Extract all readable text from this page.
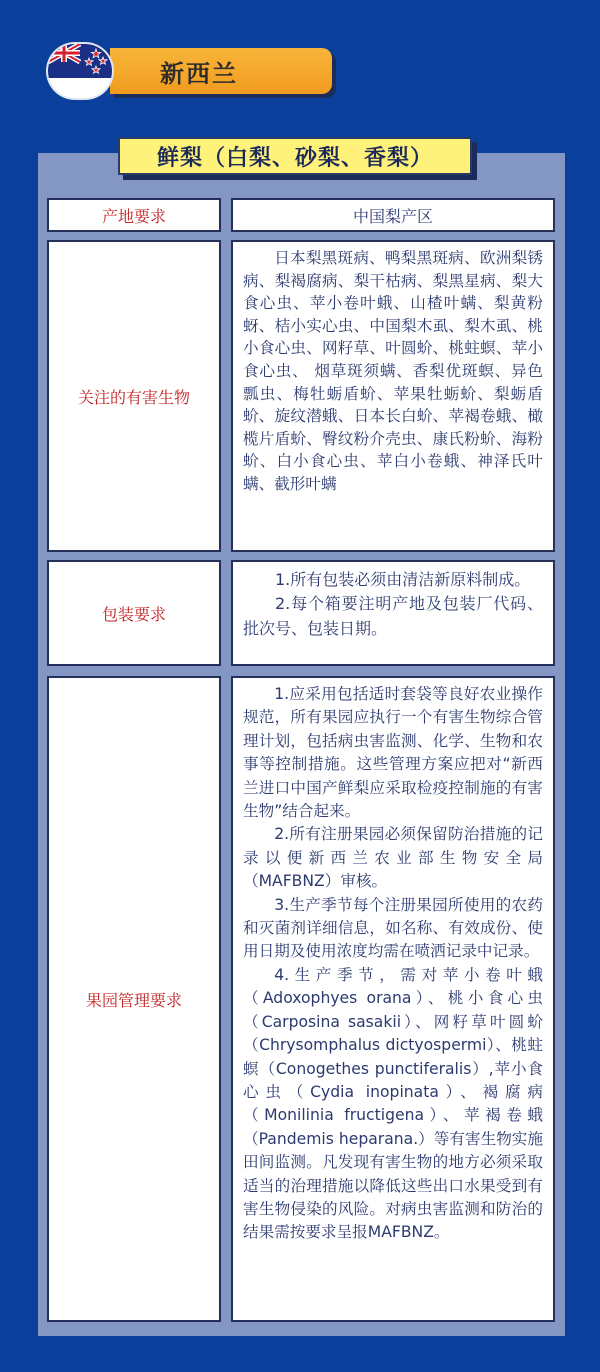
新西兰
鲜梨（白梨、砂梨、香梨）
产地要求	中国梨产区
关注的有害生物

日本梨黑斑病、鸭梨黑斑病、欧洲梨锈病、梨褐腐病、梨干枯病、梨黑星病、梨大食心虫、苹小卷叶蛾、山楂叶螨、梨黄粉蚜、桔小实心虫、中国梨木虱、梨木虱、桃小食心虫、网籽草、叶圆蚧、桃蛀螟、苹小食心虫、 烟草斑须螨、香梨优斑螟、异色瓢虫、梅牡蛎盾蚧、苹果牡蛎蚧、梨蛎盾蚧、旋纹潜蛾、日本长白蚧、苹褐卷蛾、橄榄片盾蚧、臀纹粉介壳虫、康氏粉蚧、海粉蚧、白小食心虫、苹白小卷蛾、神泽氏叶螨、截形叶螨

包装要求

1.所有包装必须由清洁新原料制成。

2.每个箱要注明产地及包装厂代码、批次号、包装日期。

果园管理要求

1.应采用包括适时套袋等良好农业操作规范，所有果园应执行一个有害生物综合管理计划，包括病虫害监测、化学、生物和农事等控制措施。这些管理方案应把对“新西兰进口中国产鲜梨应采取检疫控制施的有害生物”结合起来。

2.所有注册果园必须保留防治措施的记录以便新西兰农业部生物安全局（MAFBNZ）审核。

3.生产季节每个注册果园所使用的农药和灭菌剂详细信息，如名称、有效成份、使用日期及使用浓度均需在喷洒记录中记录。

4.生产季节，需对苹小卷叶蛾（Adoxophyes orana）、桃小食心虫（Carposina sasakii）、网籽草叶圆蚧（Chrysomphalus dictyospermi）、桃蛀螟（Conogethes punctiferalis）,苹小食心虫（Cydia inopinata）、褐腐病（Monilinia fructigena）、苹褐卷蛾（Pandemis heparana.）等有害生物实施田间监测。凡发现有害生物的地方必须采取适当的治理措施以降低这些出口水果受到有害生物侵染的风险。对病虫害监测和防治的结果需按要求呈报MAFBNZ。
